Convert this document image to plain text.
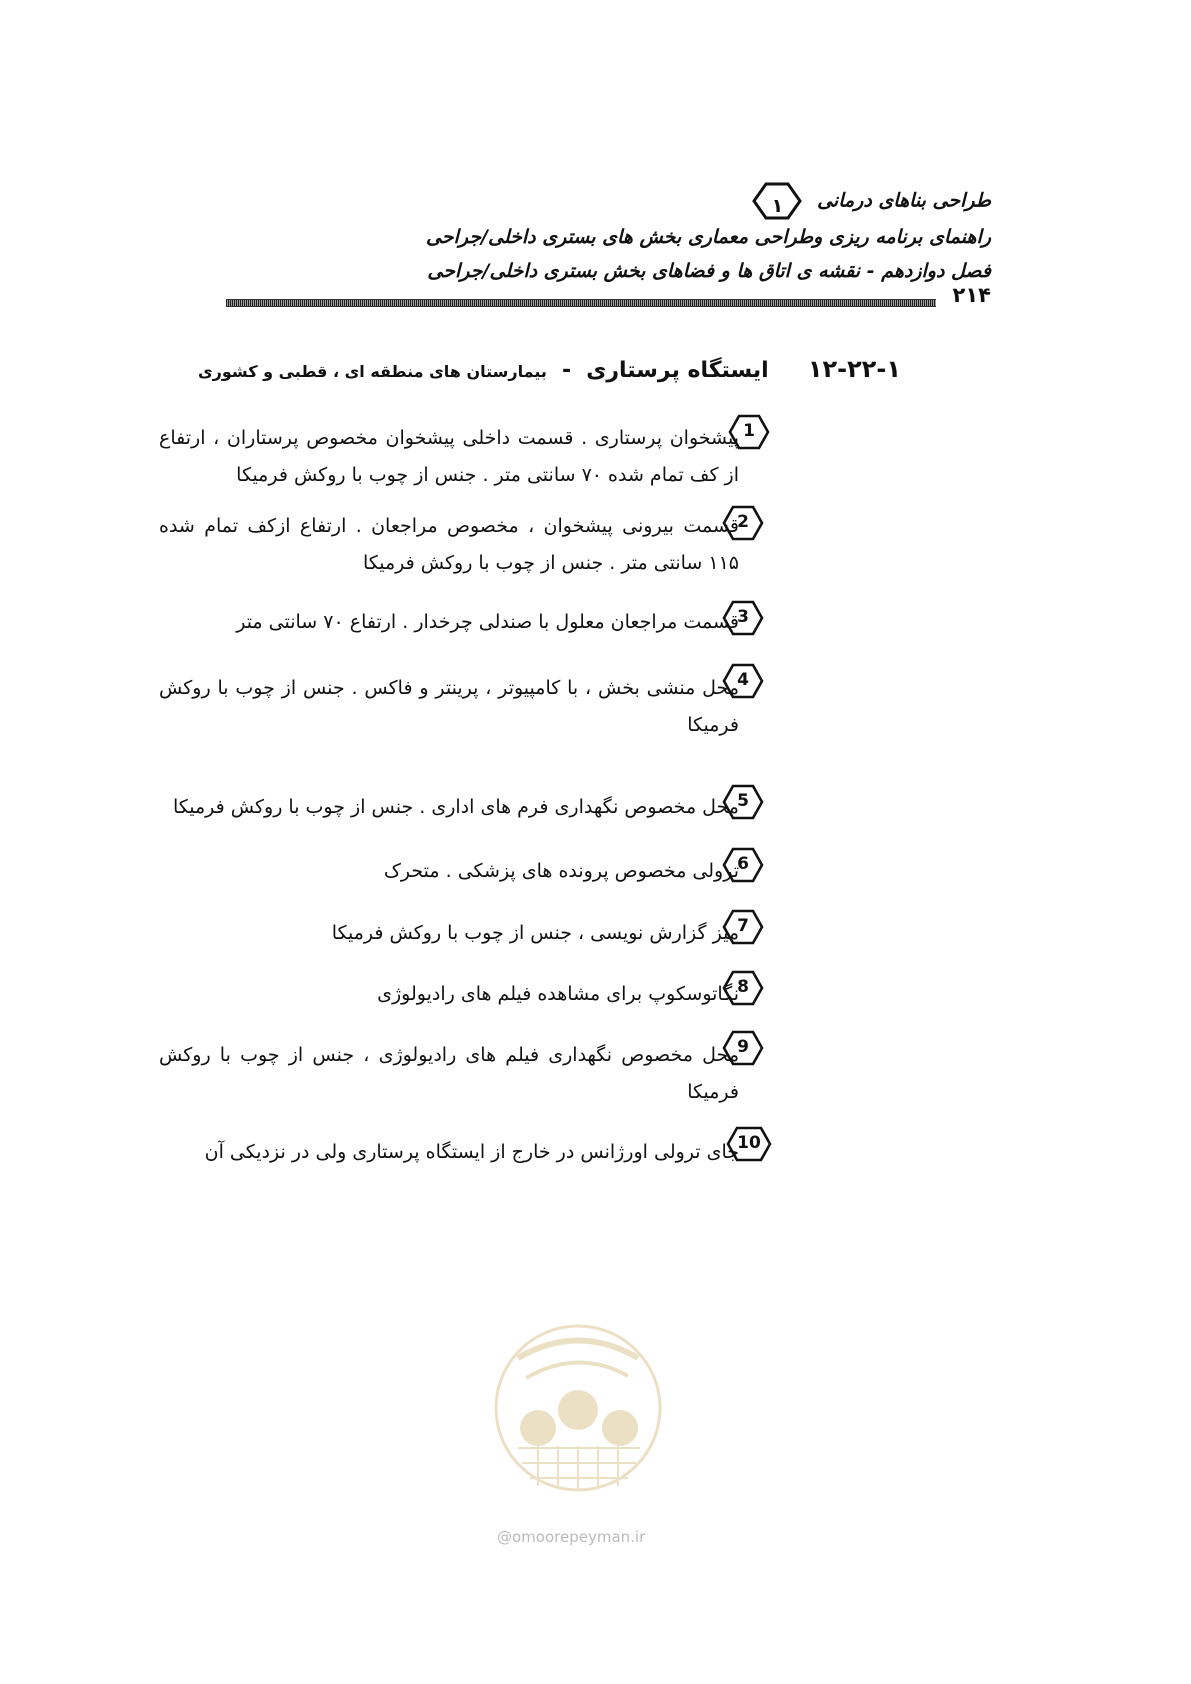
طراحی بناهای درمانی
۱
راهنمای برنامه ریزی وطراحی معماری بخش های بستری داخلی/جراحی
فصل دوازدهم - نقشه ی اتاق ها و فضاهای بخش بستری داخلی/جراحی
۲۱۴
۱۲-۲۲-۱ ایستگاه پرستاری - بیمارستان های منطقه ای ، قطبی و کشوری
1
پیشخوان پرستاری . قسمت داخلی پیشخوان مخصوص پرستاران ، ارتفاع از کف تمام شده ۷۰ سانتی متر . جنس از چوب با روکش فرمیکا
2
قسمت بیرونی پیشخوان ، مخصوص مراجعان . ارتفاع ازکف تمام شده ۱۱۵ سانتی متر . جنس از چوب با روکش فرمیکا
3
قسمت مراجعان معلول با صندلی چرخدار . ارتفاع ۷۰ سانتی متر
4
محل منشی بخش ، با کامپیوتر ، پرینتر و فاکس . جنس از چوب با روکش فرمیکا
5
محل مخصوص نگهداری فرم های اداری . جنس از چوب با روکش فرمیکا
6
ترولی مخصوص پرونده های پزشکی . متحرک
7
میز گزارش نویسی ، جنس از چوب با روکش فرمیکا
8
نگاتوسکوپ برای مشاهده فیلم های رادیولوژی
9
محل مخصوص نگهداری فیلم های رادیولوژی ، جنس از چوب با روکش فرمیکا
10
جای ترولی اورژانس در خارج از ایستگاه پرستاری ولی در نزدیکی آن
@omoorepeyman.ir
